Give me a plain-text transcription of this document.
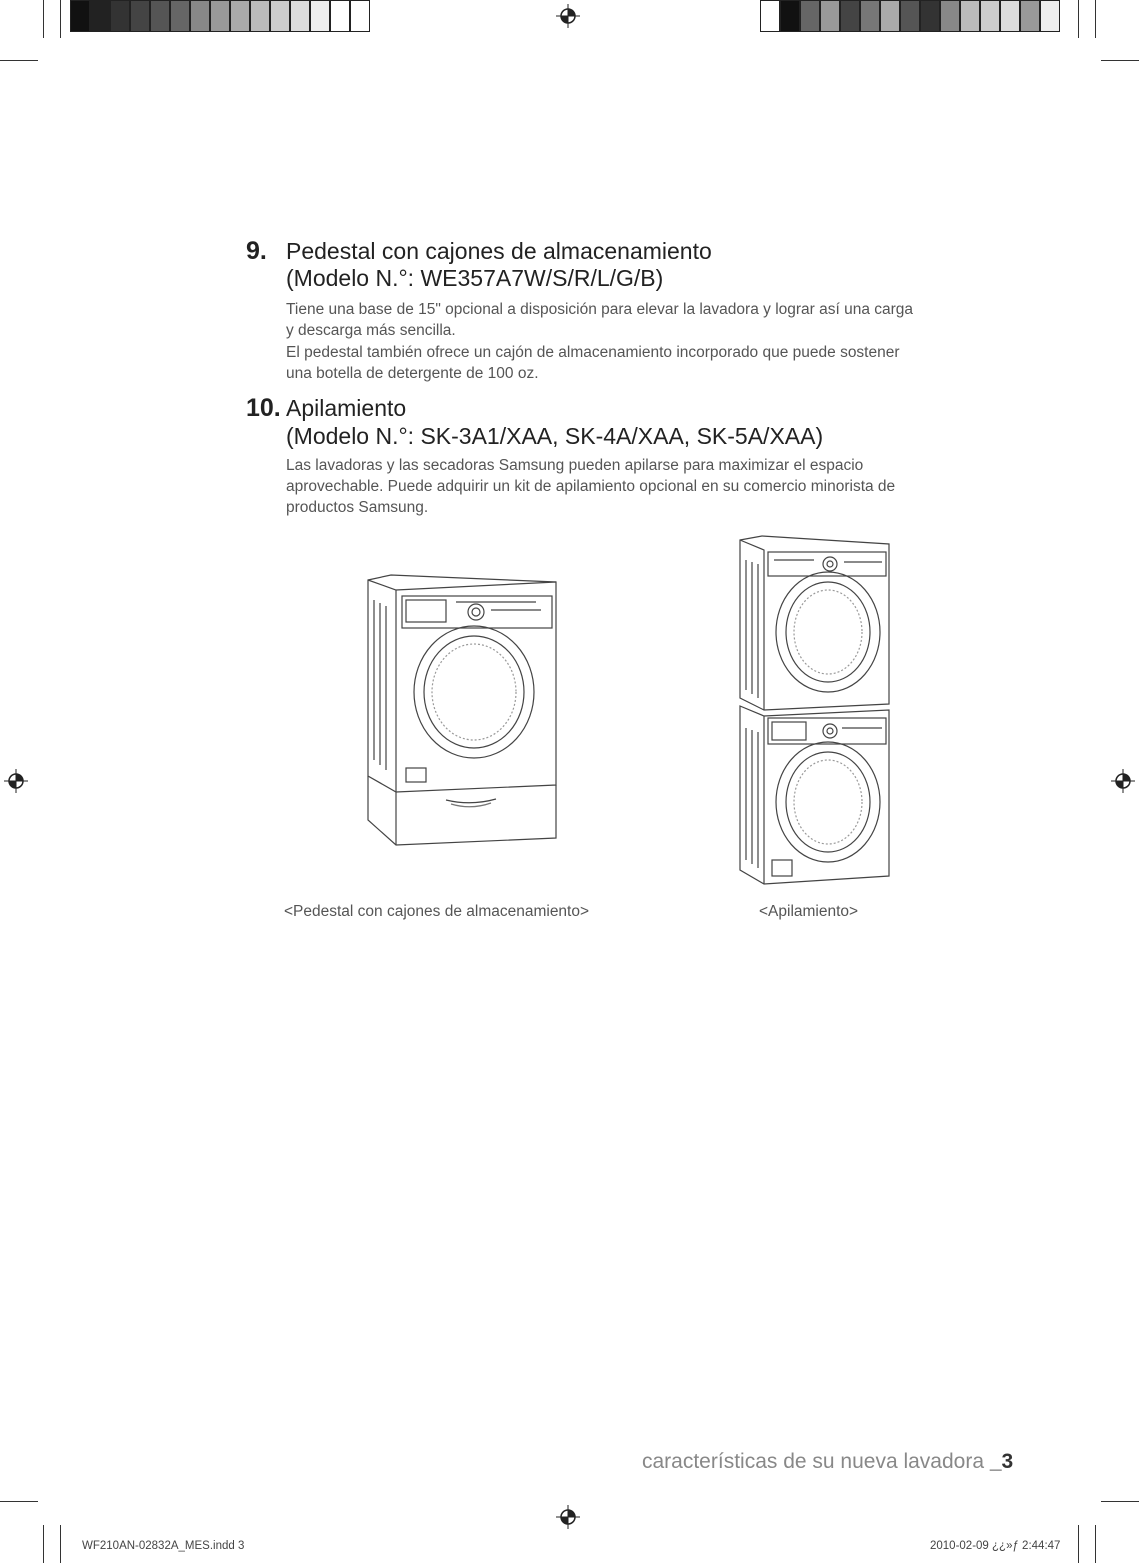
9. Pedestal con cajones de almacenamiento
(Modelo N.°: WE357A7W/S/R/L/G/B)
Tiene una base de 15" opcional a disposición para elevar la lavadora y lograr así una carga
y descarga más sencilla.
El pedestal también ofrece un cajón de almacenamiento incorporado que puede sostener
una botella de detergente de 100 oz.
10. Apilamiento
(Modelo N.°: SK-3A1/XAA, SK-4A/XAA, SK-5A/XAA)
Las lavadoras y las secadoras Samsung pueden apilarse para maximizar el espacio
aprovechable. Puede adquirir un kit de apilamiento opcional en su comercio minorista de
productos Samsung.
<Pedestal con cajones de almacenamiento>	<Apilamiento>
características de su nueva lavadora _3
WF210AN-02832A_MES.indd 3	2010-02-09 ¿¿»ƒ 2:44:47
